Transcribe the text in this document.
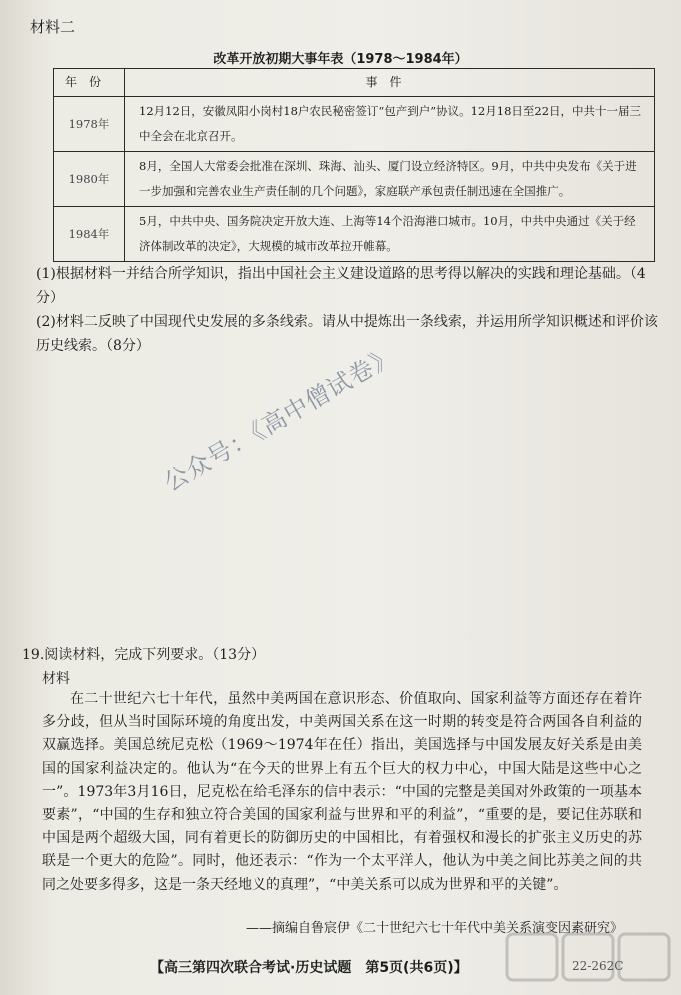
材料二
改革开放初期大事年表（1978～1984年）
年份	事件
1978年	12月12日，安徽凤阳小岗村18户农民秘密签订“包产到户”协议。12月18日至22日，中共十一届三中全会在北京召开。
1980年	8月，全国人大常委会批准在深圳、珠海、汕头、厦门设立经济特区。9月，中共中央发布《关于进一步加强和完善农业生产责任制的几个问题》，家庭联产承包责任制迅速在全国推广。
1984年	5月，中共中央、国务院决定开放大连、上海等14个沿海港口城市。10月，中共中央通过《关于经济体制改革的决定》，大规模的城市改革拉开帷幕。
(1)根据材料一并结合所学知识，指出中国社会主义建设道路的思考得以解决的实践和理论基础。（4分）
(2)材料二反映了中国现代史发展的多条线索。请从中提炼出一条线索，并运用所学知识概述和评价该历史线索。（8分） 公众号：《高中僧试卷》
19.阅读材料，完成下列要求。（13分）
材料
在二十世纪六七十年代，虽然中美两国在意识形态、价值取向、国家利益等方面还存在着许多分歧，但从当时国际环境的角度出发，中美两国关系在这一时期的转变是符合两国各自利益的双赢选择。美国总统尼克松（1969～1974年在任）指出，美国选择与中国发展友好关系是由美国的国家利益决定的。他认为“在今天的世界上有五个巨大的权力中心，中国大陆是这些中心之一”。1973年3月16日，尼克松在给毛泽东的信中表示：“中国的完整是美国对外政策的一项基本要素”，“中国的生存和独立符合美国的国家利益与世界和平的利益”，“重要的是，要记住苏联和中国是两个超级大国，同有着更长的防御历史的中国相比，有着强权和漫长的扩张主义历史的苏联是一个更大的危险”。同时，他还表示：“作为一个太平洋人，他认为中美之间比苏美之间的共同之处要多得多，这是一条天经地义的真理”，“中美关系可以成为世界和平的关键”。
——摘编自鲁宸伊《二十世纪六七十年代中美关系演变因素研究》
【高三第四次联合考试·历史试题　第5页(共6页)】	22-262C
